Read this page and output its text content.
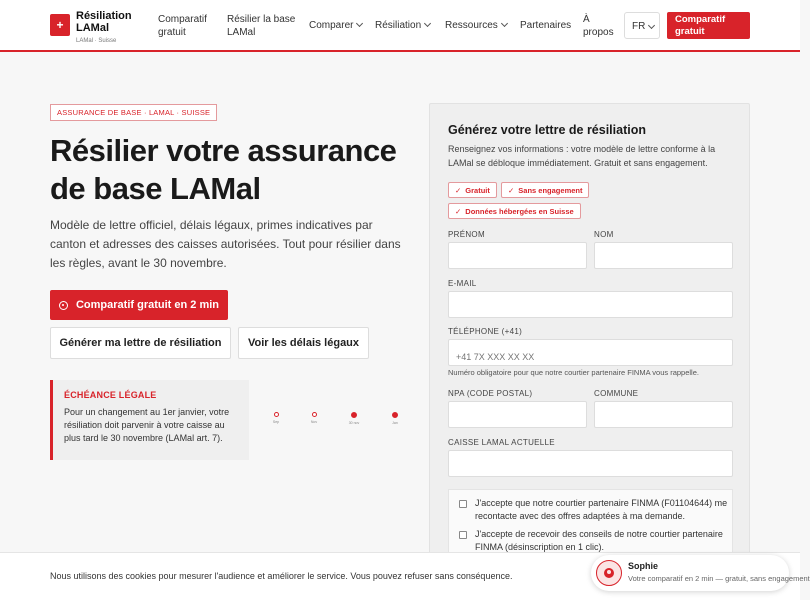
+
Résiliation LAMal
LAMal · Suisse
Comparatif gratuit
Résilier la base LAMal
Comparer	Résiliation	Ressources	Partenaires
À propos
FR
Comparatif gratuit
ASSURANCE DE BASE · LAMAL · SUISSE
Résilier votre assurance de base LAMal

Modèle de lettre officiel, délais légaux, primes indicatives par canton et adresses des caisses autorisées. Tout pour résilier dans les règles, avant le 30 novembre.

Comparatif gratuit en 2 min
Générer ma lettre de résiliation	Voir les délais légaux
ÉCHÉANCE LÉGALE
Pour un changement au 1er janvier, votre résiliation doit parvenir à votre caisse au plus tard le 30 novembre (LAMal art. 7).
Sep	Nov	30 nov	Jan
Générez votre lettre de résiliation
Renseignez vos informations : votre modèle de lettre conforme à la LAMal se débloque immédiatement. Gratuit et sans engagement.
✓ Gratuit	✓ Sans engagement
✓ Données hébergées en Suisse
PRÉNOM	NOM
E-MAIL
TÉLÉPHONE (+41)
+41 7X XXX XX XX
Numéro obligatoire pour que notre courtier partenaire FINMA vous rappelle.
NPA (CODE POSTAL)	COMMUNE
CAISSE LAMAL ACTUELLE
J'accepte que notre courtier partenaire FINMA (F01104644) me recontacte avec des offres adaptées à ma demande.
J'accepte de recevoir des conseils de notre courtier partenaire FINMA (désinscription en 1 clic).
Nous utilisons des cookies pour mesurer l'audience et améliorer le service. Vous pouvez refuser sans conséquence.
Sophie
Votre comparatif en 2 min — gratuit, sans engagement
